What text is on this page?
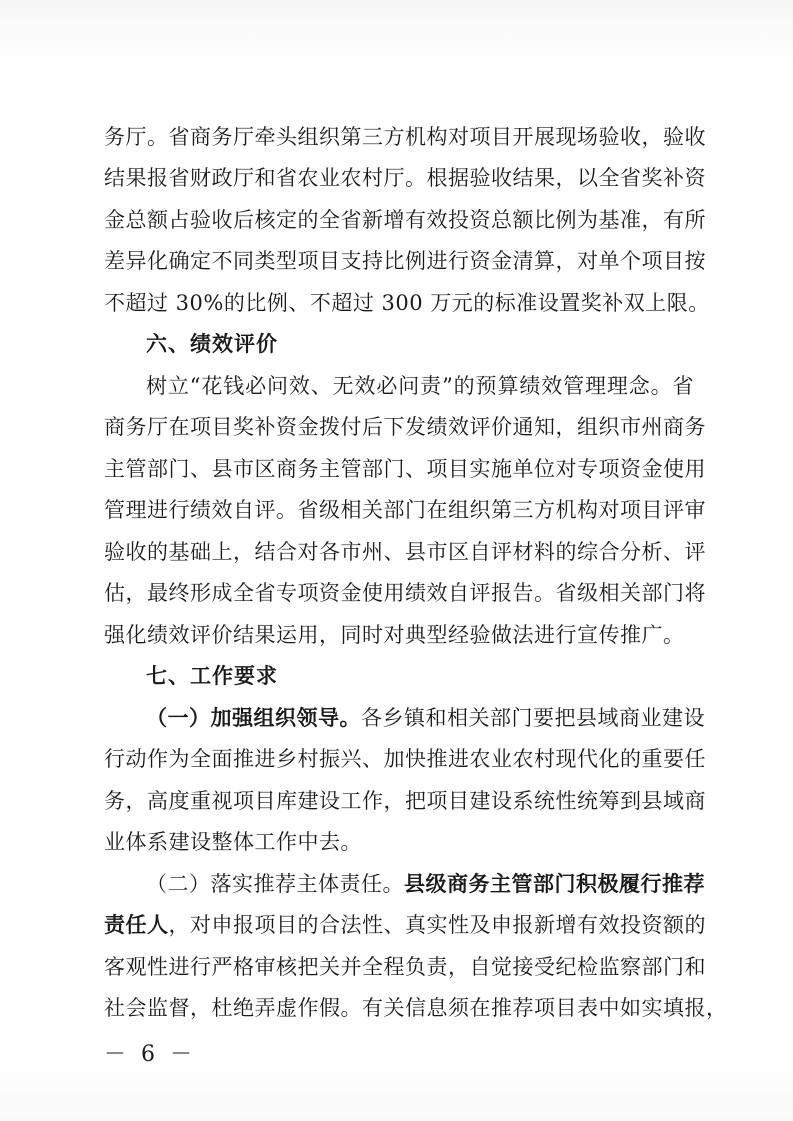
务厅。省商务厅牵头组织第三方机构对项目开展现场验收，验收
结果报省财政厅和省农业农村厅。根据验收结果，以全省奖补资
金总额占验收后核定的全省新增有效投资总额比例为基准，有所
差异化确定不同类型项目支持比例进行资金清算，对单个项目按
不超过 30%的比例、不超过 300 万元的标准设置奖补双上限。
六、绩效评价
树立“花钱必问效、无效必问责”的预算绩效管理理念。省
商务厅在项目奖补资金拨付后下发绩效评价通知，组织市州商务
主管部门、县市区商务主管部门、项目实施单位对专项资金使用
管理进行绩效自评。省级相关部门在组织第三方机构对项目评审
验收的基础上，结合对各市州、县市区自评材料的综合分析、评
估，最终形成全省专项资金使用绩效自评报告。省级相关部门将
强化绩效评价结果运用，同时对典型经验做法进行宣传推广。
七、工作要求
（一）加强组织领导。各乡镇和相关部门要把县域商业建设
行动作为全面推进乡村振兴、加快推进农业农村现代化的重要任
务，高度重视项目库建设工作，把项目建设系统性统筹到县域商
业体系建设整体工作中去。
（二）落实推荐主体责任。县级商务主管部门积极履行推荐
责任人，对申报项目的合法性、真实性及申报新增有效投资额的
客观性进行严格审核把关并全程负责，自觉接受纪检监察部门和
社会监督，杜绝弄虚作假。有关信息须在推荐项目表中如实填报，
－ 6 －
